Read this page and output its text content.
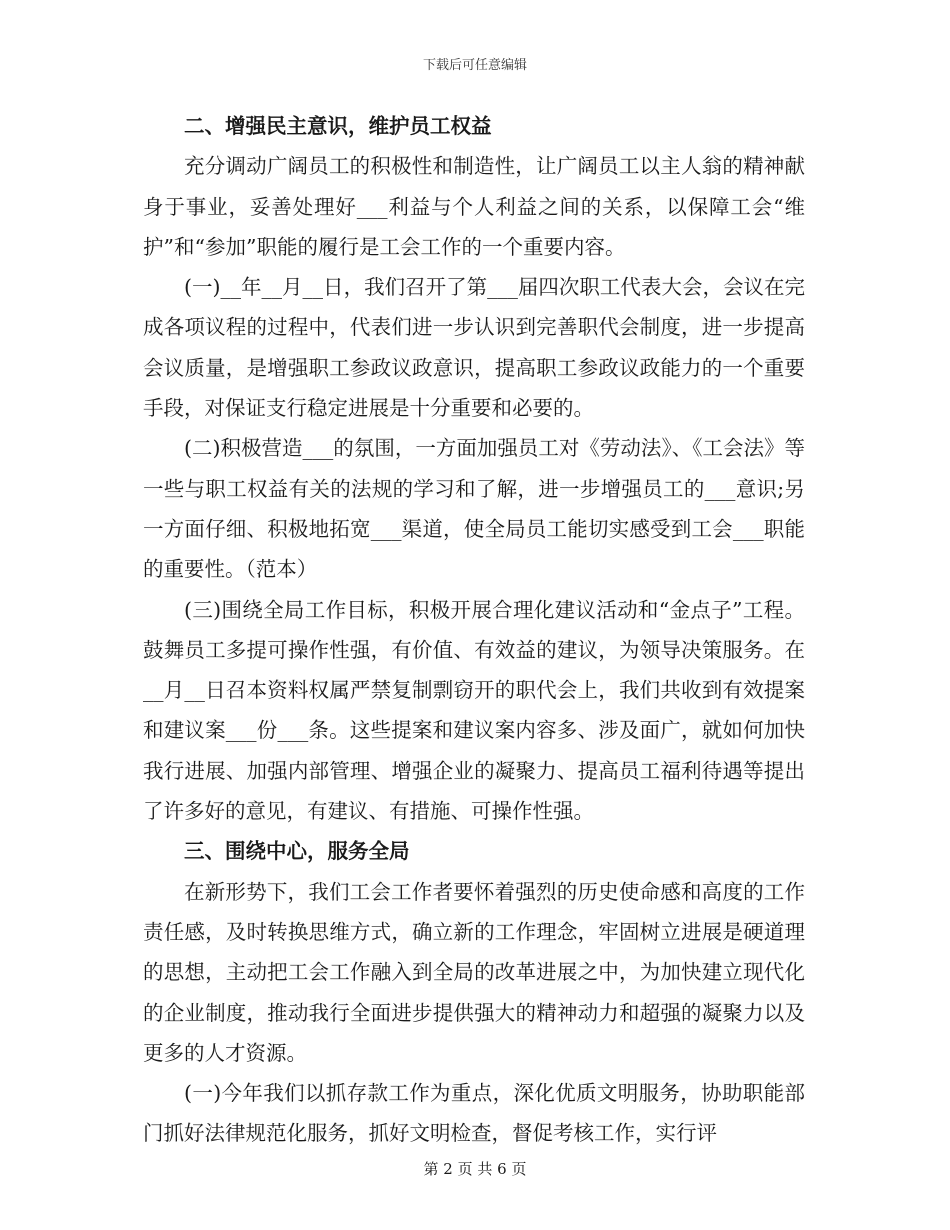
下载后可任意编辑

二、增强民主意识，维护员工权益

充分调动广阔员工的积极性和制造性，让广阔员工以主人翁的精神献身于事业，妥善处理好___利益与个人利益之间的关系，以保障工会“维护”和“参加”职能的履行是工会工作的一个重要内容。

(一)__年__月__日，我们召开了第___届四次职工代表大会，会议在完成各项议程的过程中，代表们进一步认识到完善职代会制度，进一步提高会议质量，是增强职工参政议政意识，提高职工参政议政能力的一个重要手段，对保证支行稳定进展是十分重要和必要的。

(二)积极营造___的氛围，一方面加强员工对《劳动法》、《工会法》等一些与职工权益有关的法规的学习和了解，进一步增强员工的___意识;另一方面仔细、积极地拓宽___渠道，使全局员工能切实感受到工会___职能的重要性。（范本）

(三)围绕全局工作目标，积极开展合理化建议活动和“金点子”工程。鼓舞员工多提可操作性强，有价值、有效益的建议，为领导决策服务。在__月__日召本资料权属严禁复制剽窃开的职代会上，我们共收到有效提案和建议案___份___条。这些提案和建议案内容多、涉及面广，就如何加快我行进展、加强内部管理、增强企业的凝聚力、提高员工福利待遇等提出了许多好的意见，有建议、有措施、可操作性强。

三、围绕中心，服务全局

在新形势下，我们工会工作者要怀着强烈的历史使命感和高度的工作责任感，及时转换思维方式，确立新的工作理念，牢固树立进展是硬道理的思想，主动把工会工作融入到全局的改革进展之中，为加快建立现代化的企业制度，推动我行全面进步提供强大的精神动力和超强的凝聚力以及更多的人才资源。

(一)今年我们以抓存款工作为重点，深化优质文明服务，协助职能部门抓好法律规范化服务，抓好文明检查，督促考核工作，实行评

第 2 页 共 6 页
